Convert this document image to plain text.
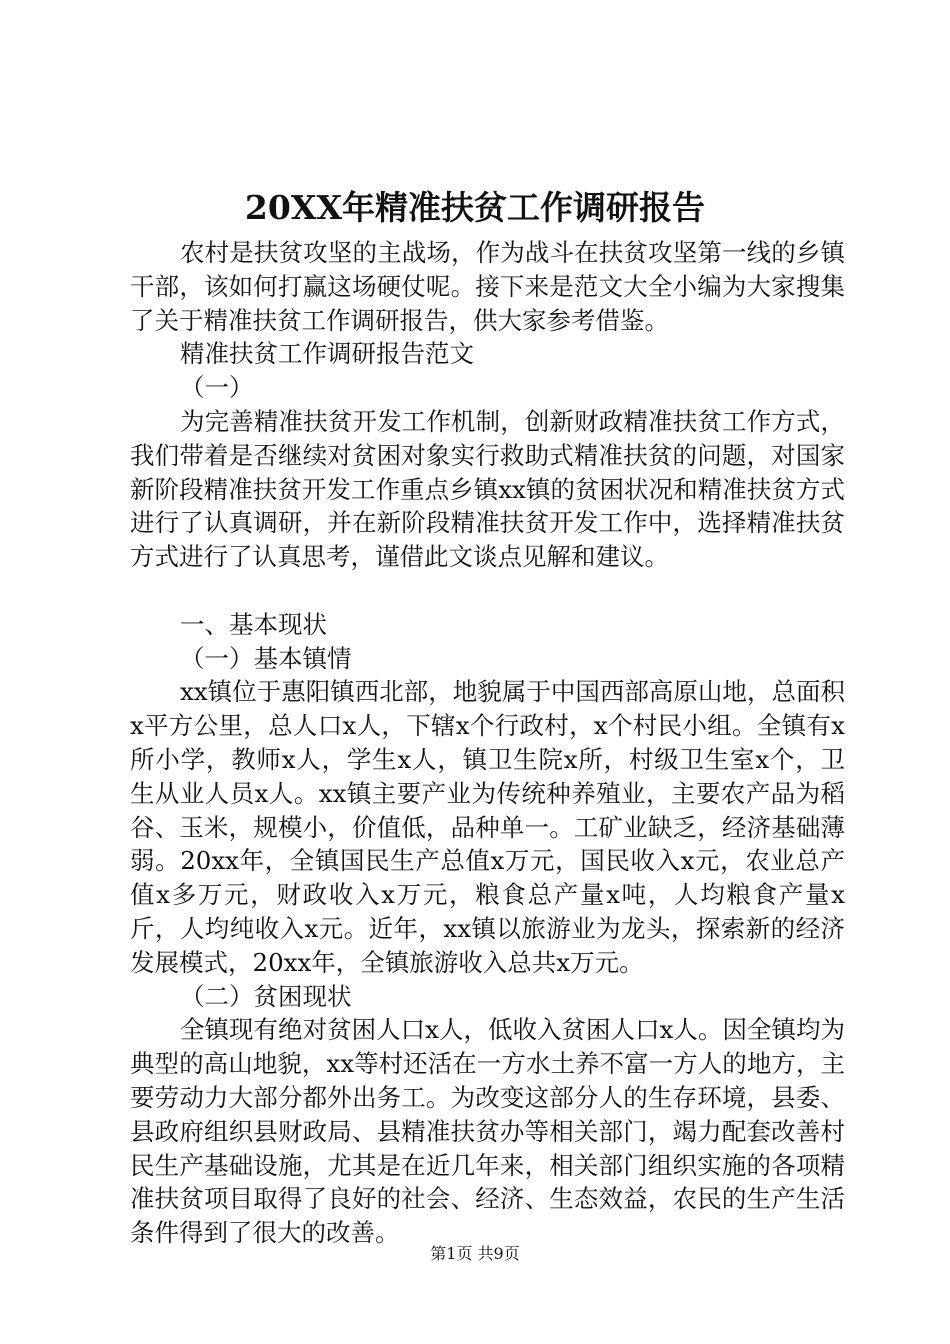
20XX年精准扶贫工作调研报告

农村是扶贫攻坚的主战场，作为战斗在扶贫攻坚第一线的乡镇干部，该如何打赢这场硬仗呢。接下来是范文大全小编为大家搜集了关于精准扶贫工作调研报告，供大家参考借鉴。

精准扶贫工作调研报告范文

（一）

为完善精准扶贫开发工作机制，创新财政精准扶贫工作方式，我们带着是否继续对贫困对象实行救助式精准扶贫的问题，对国家新阶段精准扶贫开发工作重点乡镇xx镇的贫困状况和精准扶贫方式进行了认真调研，并在新阶段精准扶贫开发工作中，选择精准扶贫方式进行了认真思考，谨借此文谈点见解和建议。

一、基本现状

（一）基本镇情

xx镇位于惠阳镇西北部，地貌属于中国西部高原山地，总面积x平方公里，总人口x人，下辖x个行政村，x个村民小组。全镇有x所小学，教师x人，学生x人，镇卫生院x所，村级卫生室x个，卫生从业人员x人。xx镇主要产业为传统种养殖业，主要农产品为稻谷、玉米，规模小，价值低，品种单一。工矿业缺乏，经济基础薄弱。20xx年，全镇国民生产总值x万元，国民收入x元，农业总产值x多万元，财政收入x万元，粮食总产量x吨，人均粮食产量x斤，人均纯收入x元。近年，xx镇以旅游业为龙头，探索新的经济发展模式，20xx年，全镇旅游收入总共x万元。

（二）贫困现状

全镇现有绝对贫困人口x人，低收入贫困人口x人。因全镇均为典型的高山地貌，xx等村还活在一方水土养不富一方人的地方，主要劳动力大部分都外出务工。为改变这部分人的生存环境，县委、县政府组织县财政局、县精准扶贫办等相关部门，竭力配套改善村民生产基础设施，尤其是在近几年来，相关部门组织实施的各项精准扶贫项目取得了良好的社会、经济、生态效益，农民的生产生活条件得到了很大的改善。

第1页 共9页
